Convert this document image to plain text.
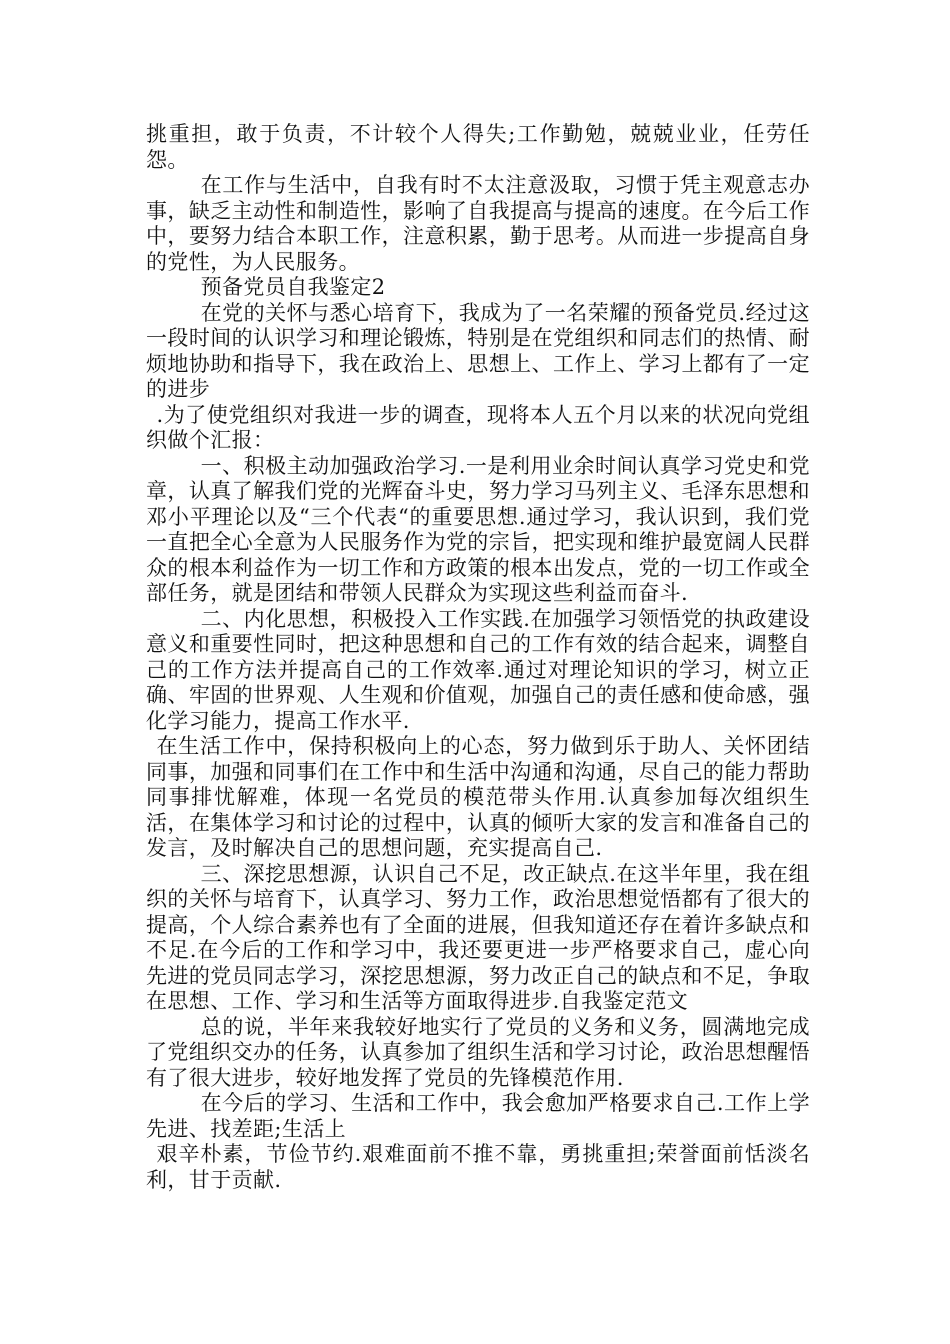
挑重担，敢于负责，不计较个人得失;工作勤勉，兢兢业业，任劳任怨。

在工作与生活中，自我有时不太注意汲取，习惯于凭主观意志办事，缺乏主动性和制造性，影响了自我提高与提高的速度。在今后工作中，要努力结合本职工作，注意积累，勤于思考。从而进一步提高自身的党性，为人民服务。

预备党员自我鉴定2

在党的关怀与悉心培育下，我成为了一名荣耀的预备党员.经过这一段时间的认识学习和理论锻炼，特别是在党组织和同志们的热情、耐烦地协助和指导下，我在政治上、思想上、工作上、学习上都有了一定的进步

.为了使党组织对我进一步的调查，现将本人五个月以来的状况向党组织做个汇报：

一、积极主动加强政治学习.一是利用业余时间认真学习党史和党章，认真了解我们党的光辉奋斗史，努力学习马列主义、毛泽东思想和邓小平理论以及“三个代表“的重要思想.通过学习，我认识到，我们党一直把全心全意为人民服务作为党的宗旨，把实现和维护最宽阔人民群众的根本利益作为一切工作和方政策的根本出发点，党的一切工作或全部任务，就是团结和带领人民群众为实现这些利益而奋斗.

二、内化思想，积极投入工作实践.在加强学习领悟党的执政建设意义和重要性同时，把这种思想和自己的工作有效的结合起来，调整自己的工作方法并提高自己的工作效率.通过对理论知识的学习，树立正确、牢固的世界观、人生观和价值观，加强自己的责任感和使命感，强化学习能力，提高工作水平.

在生活工作中，保持积极向上的心态，努力做到乐于助人、关怀团结同事，加强和同事们在工作中和生活中沟通和沟通，尽自己的能力帮助同事排忧解难，体现一名党员的模范带头作用.认真参加每次组织生活，在集体学习和讨论的过程中，认真的倾听大家的发言和准备自己的发言，及时解决自己的思想问题，充实提高自己.

三、深挖思想源，认识自己不足，改正缺点.在这半年里，我在组织的关怀与培育下，认真学习、努力工作，政治思想觉悟都有了很大的提高，个人综合素养也有了全面的进展，但我知道还存在着许多缺点和不足.在今后的工作和学习中，我还要更进一步严格要求自己，虚心向先进的党员同志学习，深挖思想源，努力改正自己的缺点和不足，争取在思想、工作、学习和生活等方面取得进步.自我鉴定范文

总的说，半年来我较好地实行了党员的义务和义务，圆满地完成了党组织交办的任务，认真参加了组织生活和学习讨论，政治思想醒悟有了很大进步，较好地发挥了党员的先锋模范作用.

在今后的学习、生活和工作中，我会愈加严格要求自己.工作上学先进、找差距;生活上

艰辛朴素，节俭节约.艰难面前不推不靠，勇挑重担;荣誉面前恬淡名利，甘于贡献.
